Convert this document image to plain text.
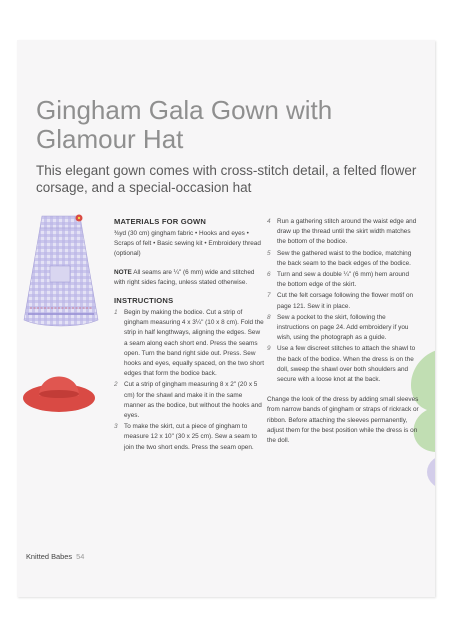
Gingham Gala Gown with Glamour Hat

This elegant gown comes with cross-stitch detail, a felted flower corsage, and a special-occasion hat

MATERIALS FOR GOWN

⅜yd (30 cm) gingham fabric • Hooks and eyes • Scraps of felt • Basic sewing kit • Embroidery thread (optional)

NOTE All seams are ¼" (6 mm) wide and stitched with right sides facing, unless stated otherwise.

INSTRUCTIONS
1 Begin by making the bodice. Cut a strip of gingham measuring 4 x 3¼" (10 x 8 cm). Fold the strip in half lengthways, aligning the edges. Sew a seam along each short end. Press the seams open. Turn the band right side out. Press. Sew hooks and eyes, equally spaced, on the two short edges that form the bodice back.
2 Cut a strip of gingham measuring 8 x 2" (20 x 5 cm) for the shawl and make it in the same manner as the bodice, but without the hooks and eyes.
3 To make the skirt, cut a piece of gingham to measure 12 x 10" (30 x 25 cm). Sew a seam to join the two short ends. Press the seam open.
4 Run a gathering stitch around the waist edge and draw up the thread until the skirt width matches the bottom of the bodice.
5 Sew the gathered waist to the bodice, matching the back seam to the back edges of the bodice.
6 Turn and sew a double ¼" (6 mm) hem around the bottom edge of the skirt.
7 Cut the felt corsage following the flower motif on page 121. Sew it in place.
8 Sew a pocket to the skirt, following the instructions on page 24. Add embroidery if you wish, using the photograph as a guide.
9 Use a few discreet stitches to attach the shawl to the back of the bodice. When the dress is on the doll, sweep the shawl over both shoulders and secure with a loose knot at the back.

Change the look of the dress by adding small sleeves from narrow bands of gingham or straps of rickrack or ribbon. Before attaching the sleeves permanently, adjust them for the best position while the dress is on the doll.

Knitted Babes 54
